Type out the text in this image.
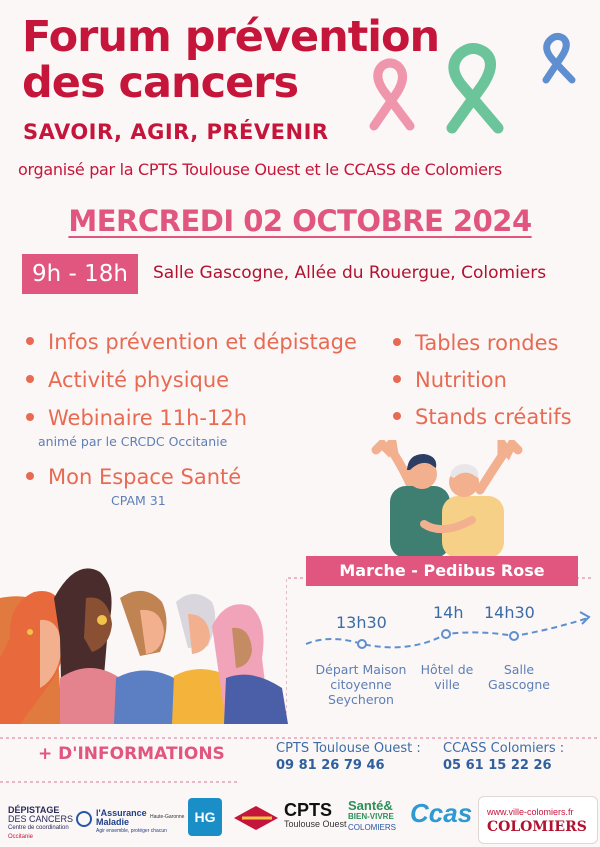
Forum prévention
des cancers
SAVOIR, AGIR, PRÉVENIR
organisé par la CPTS Toulouse Ouest et le CCASS de Colomiers
MERCREDI 02 OCTOBRE 2024
9h - 18h	Salle Gascogne, Allée du Rouergue, Colomiers
Infos prévention et dépistage
Activité physique
Webinaire 11h-12h
animé par le CRCDC Occitanie
Mon Espace Santé
CPAM 31
Tables rondes
Nutrition
Stands créatifs
Marche - Pedibus Rose
13h30
14h 14h30
Départ Maison citoyenne Seycheron
Hôtel de ville
Salle Gascogne
+ D'INFORMATIONS	CPTS Toulouse Ouest :
09 81 26 79 46
CCASS Colomiers :
05 61 15 22 26
DÉPISTAGE
DES CANCERS
Centre de coordination
Occitanie
l'Assurance
Maladie
Agir ensemble, protéger chacun
Haute-Garonne HG	CPTS
Toulouse Ouest
Santé&
BIEN-VIVRE
COLOMIERS Ccas www.ville-colomiers.fr
COLOMIERS
